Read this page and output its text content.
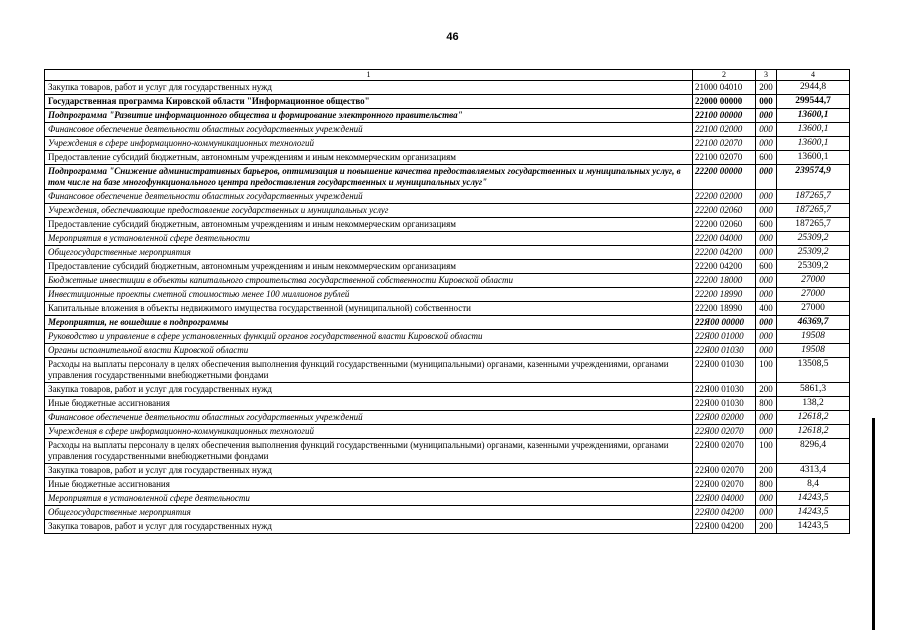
46
1	2	3	4
Закупка товаров, работ и услуг для государственных нужд	21000 04010	200	2944,8
Государственная программа Кировской области "Информационное общество"	22000 00000	000	299544,7
Подпрограмма "Развитие информационного общества и формирование электронного правительства"	22100 00000	000	13600,1
Финансовое обеспечение деятельности областных государственных учреждений	22100 02000	000	13600,1
Учреждения в сфере информационно-коммуникационных технологий	22100 02070	000	13600,1
Предоставление субсидий бюджетным, автономным учреждениям и иным некоммерческим организациям	22100 02070	600	13600,1
Подпрограмма "Снижение административных барьеров, оптимизация и повышение качества предоставляемых государственных и муниципальных услуг, в том числе на базе многофункционального центра предоставления государственных и муниципальных услуг"	22200 00000	000	239574,9
Финансовое обеспечение деятельности областных государственных учреждений	22200 02000	000	187265,7
Учреждения, обеспечивающие предоставление государственных и муниципальных услуг	22200 02060	000	187265,7
Предоставление субсидий бюджетным, автономным учреждениям и иным некоммерческим организациям	22200 02060	600	187265,7
Мероприятия в установленной сфере деятельности	22200 04000	000	25309,2
Общегосударственные мероприятия	22200 04200	000	25309,2
Предоставление субсидий бюджетным, автономным учреждениям и иным некоммерческим организациям	22200 04200	600	25309,2
Бюджетные инвестиции в объекты капитального строительства государственной собственности Кировской области	22200 18000	000	27000
Инвестиционные проекты сметной стоимостью менее 100 миллионов рублей	22200 18990	000	27000
Капитальные вложения в объекты недвижимого имущества государственной (муниципальной) собственности	22200 18990	400	27000
Мероприятия, не вошедшие в подпрограммы	22Я00 00000	000	46369,7
Руководство и управление в сфере установленных функций органов государственной власти Кировской области	22Я00 01000	000	19508
Органы исполнительной власти Кировской области	22Я00 01030	000	19508
Расходы на выплаты персоналу в целях обеспечения выполнения функций государственными (муниципальными) органами, казенными учреждениями, органами управления государственными внебюджетными фондами	22Я00 01030	100	13508,5
Закупка товаров, работ и услуг для государственных нужд	22Я00 01030	200	5861,3
Иные бюджетные ассигнования	22Я00 01030	800	138,2
Финансовое обеспечение деятельности областных государственных учреждений	22Я00 02000	000	12618,2
Учреждения в сфере информационно-коммуникационных технологий	22Я00 02070	000	12618,2
Расходы на выплаты персоналу в целях обеспечения выполнения функций государственными (муниципальными) органами, казенными учреждениями, органами управления государственными внебюджетными фондами	22Я00 02070	100	8296,4
Закупка товаров, работ и услуг для государственных нужд	22Я00 02070	200	4313,4
Иные бюджетные ассигнования	22Я00 02070	800	8,4
Мероприятия в установленной сфере деятельности	22Я00 04000	000	14243,5
Общегосударственные мероприятия	22Я00 04200	000	14243,5
Закупка товаров, работ и услуг для государственных нужд	22Я00 04200	200	14243,5
